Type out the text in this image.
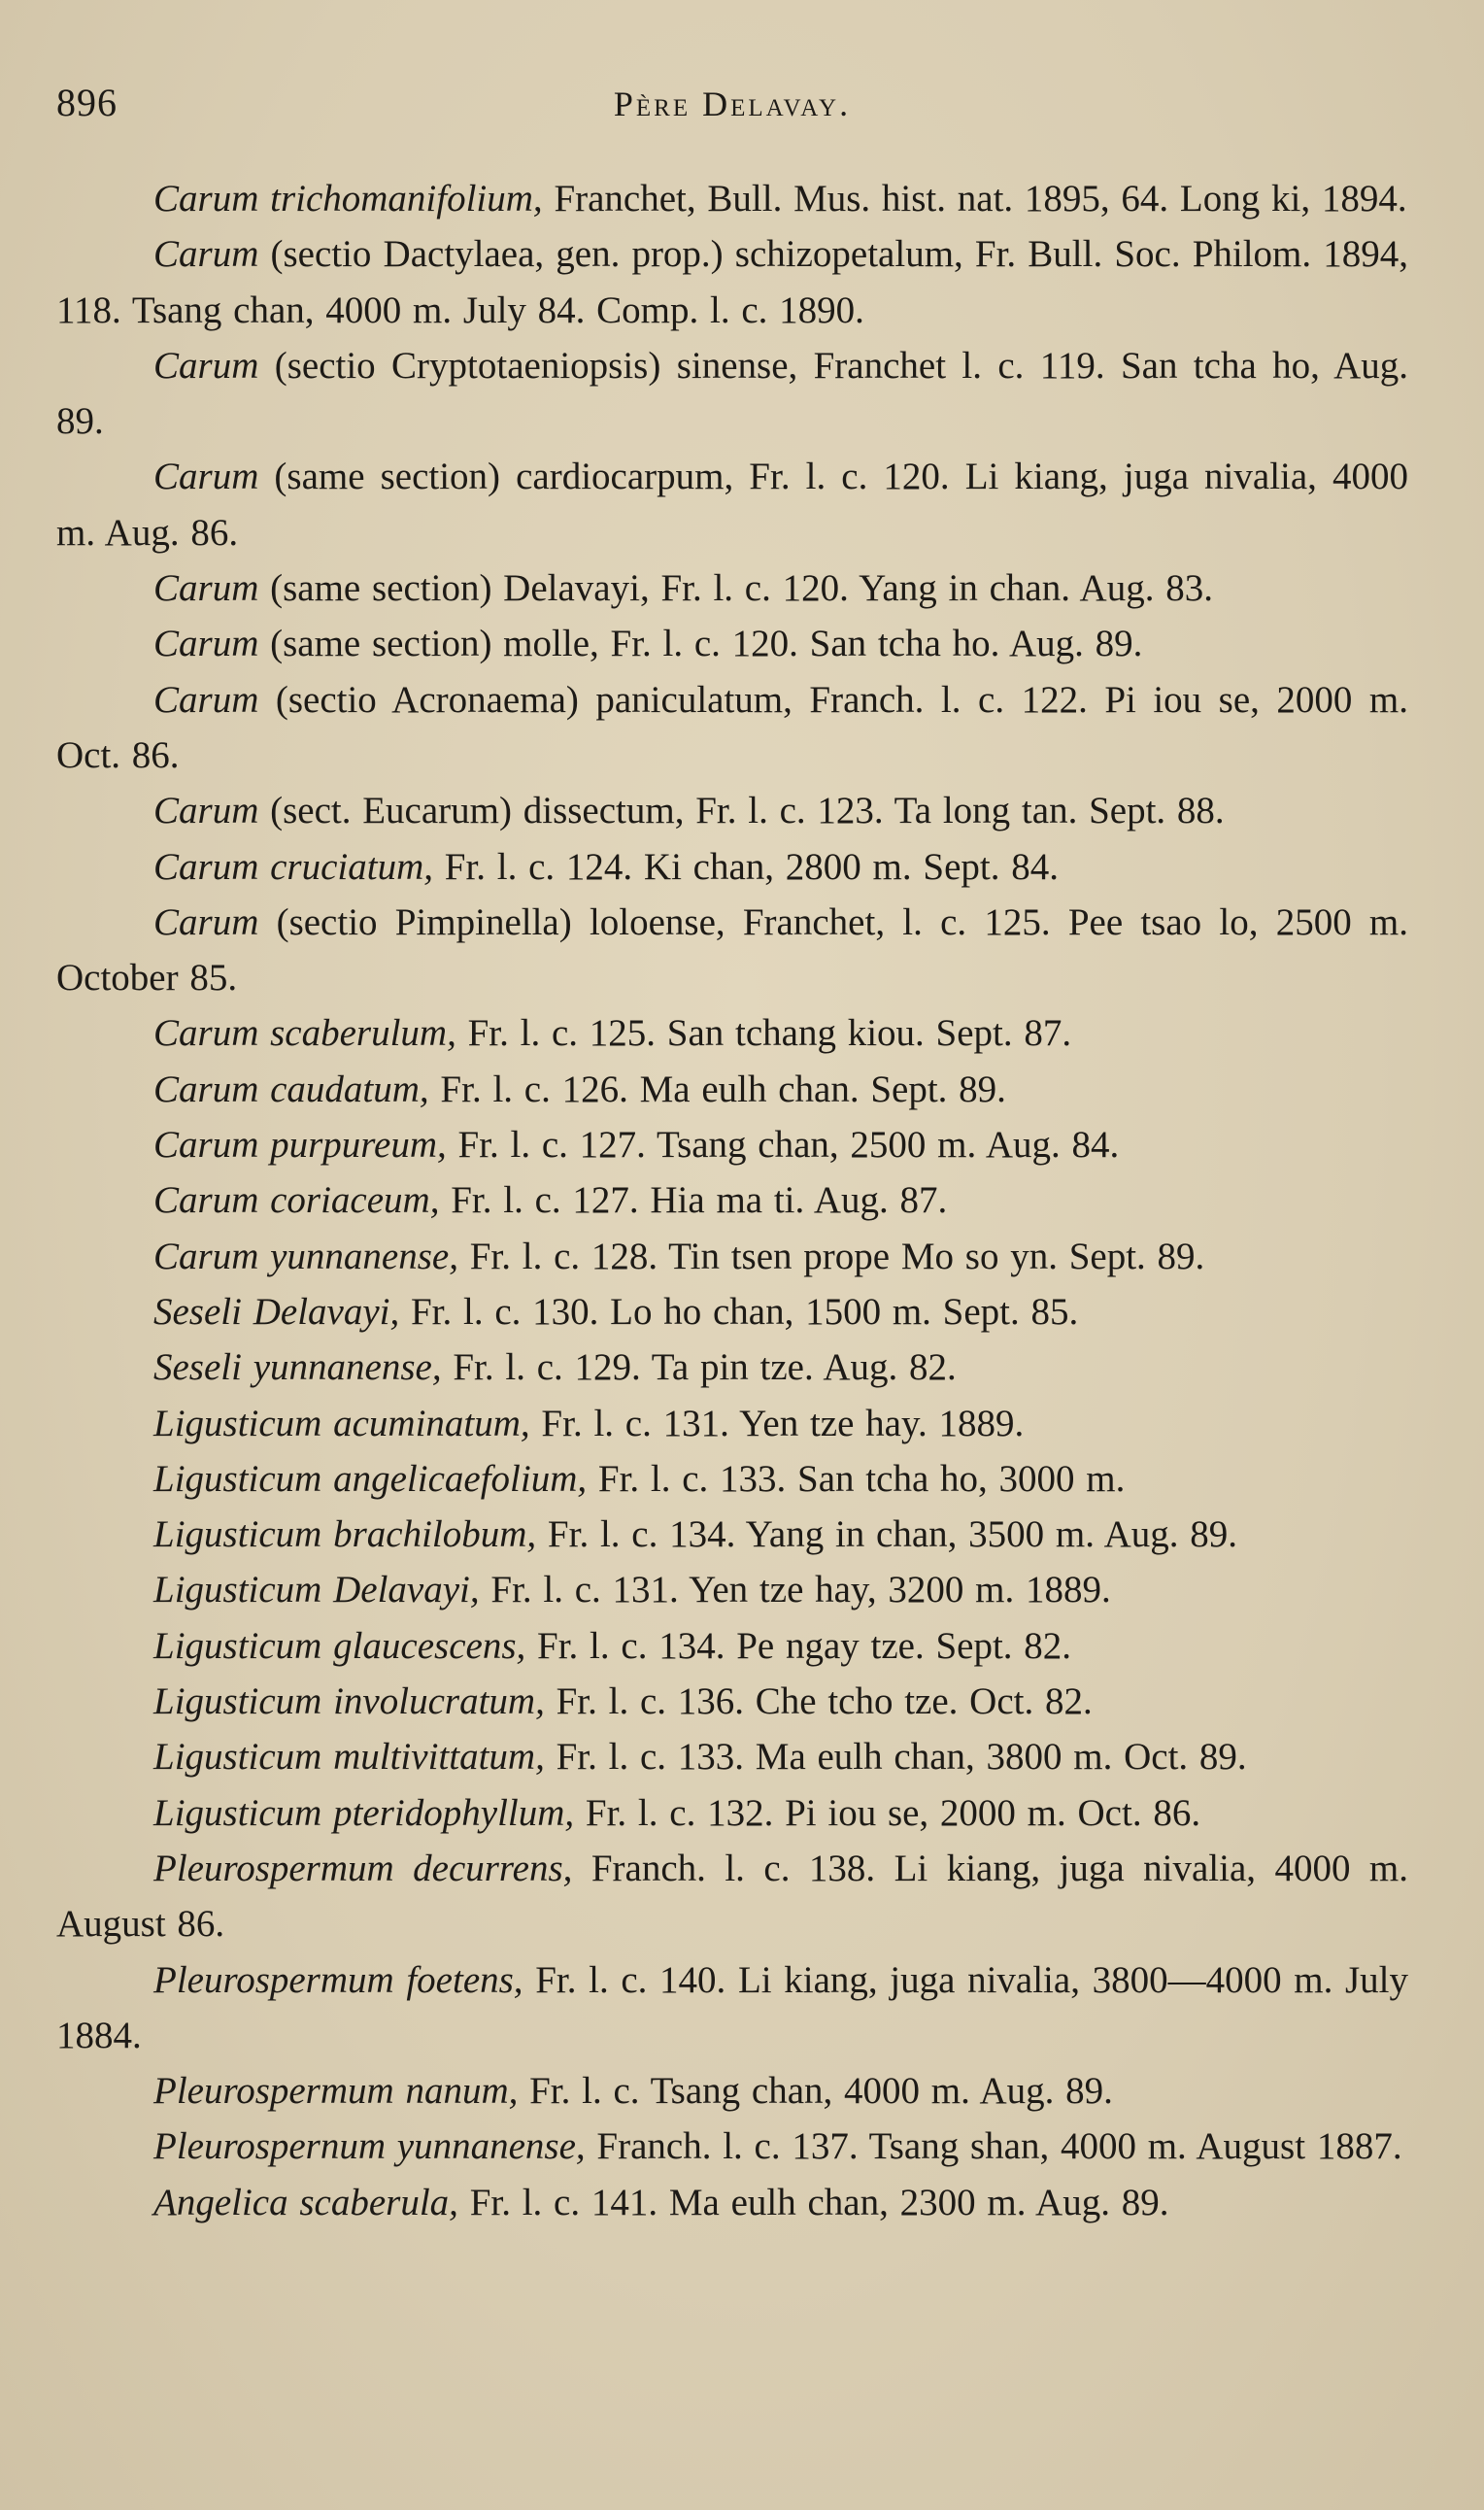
896	Père Delavay.

Carum trichomanifolium, Franchet, Bull. Mus. hist. nat. 1895, 64. Long ki, 1894.

Carum (sectio Dactylaea, gen. prop.) schizopetalum, Fr. Bull. Soc. Philom. 1894, 118. Tsang chan, 4000 m. July 84. Comp. l. c. 1890.

Carum (sectio Cryptotaeniopsis) sinense, Franchet l. c. 119. San tcha ho, Aug. 89.

Carum (same section) cardiocarpum, Fr. l. c. 120. Li kiang, juga nivalia, 4000 m. Aug. 86.

Carum (same section) Delavayi, Fr. l. c. 120. Yang in chan. Aug. 83.

Carum (same section) molle, Fr. l. c. 120. San tcha ho. Aug. 89.

Carum (sectio Acronaema) paniculatum, Franch. l. c. 122. Pi iou se, 2000 m. Oct. 86.

Carum (sect. Eucarum) dissectum, Fr. l. c. 123. Ta long tan. Sept. 88.

Carum cruciatum, Fr. l. c. 124. Ki chan, 2800 m. Sept. 84.

Carum (sectio Pimpinella) loloense, Franchet, l. c. 125. Pee tsao lo, 2500 m. October 85.

Carum scaberulum, Fr. l. c. 125. San tchang kiou. Sept. 87.

Carum caudatum, Fr. l. c. 126. Ma eulh chan. Sept. 89.

Carum purpureum, Fr. l. c. 127. Tsang chan, 2500 m. Aug. 84.

Carum coriaceum, Fr. l. c. 127. Hia ma ti. Aug. 87.

Carum yunnanense, Fr. l. c. 128. Tin tsen prope Mo so yn. Sept. 89.

Seseli Delavayi, Fr. l. c. 130. Lo ho chan, 1500 m. Sept. 85.

Seseli yunnanense, Fr. l. c. 129. Ta pin tze. Aug. 82.

Ligusticum acuminatum, Fr. l. c. 131. Yen tze hay. 1889.

Ligusticum angelicaefolium, Fr. l. c. 133. San tcha ho, 3000 m.

Ligusticum brachilobum, Fr. l. c. 134. Yang in chan, 3500 m. Aug. 89.

Ligusticum Delavayi, Fr. l. c. 131. Yen tze hay, 3200 m. 1889.

Ligusticum glaucescens, Fr. l. c. 134. Pe ngay tze. Sept. 82.

Ligusticum involucratum, Fr. l. c. 136. Che tcho tze. Oct. 82.

Ligusticum multivittatum, Fr. l. c. 133. Ma eulh chan, 3800 m. Oct. 89.

Ligusticum pteridophyllum, Fr. l. c. 132. Pi iou se, 2000 m. Oct. 86.

Pleurospermum decurrens, Franch. l. c. 138. Li kiang, juga nivalia, 4000 m. August 86.

Pleurospermum foetens, Fr. l. c. 140. Li kiang, juga nivalia, 3800—4000 m. July 1884.

Pleurospermum nanum, Fr. l. c. Tsang chan, 4000 m. Aug. 89.

Pleurospernum yunnanense, Franch. l. c. 137. Tsang shan, 4000 m. August 1887.

Angelica scaberula, Fr. l. c. 141. Ma eulh chan, 2300 m. Aug. 89.
